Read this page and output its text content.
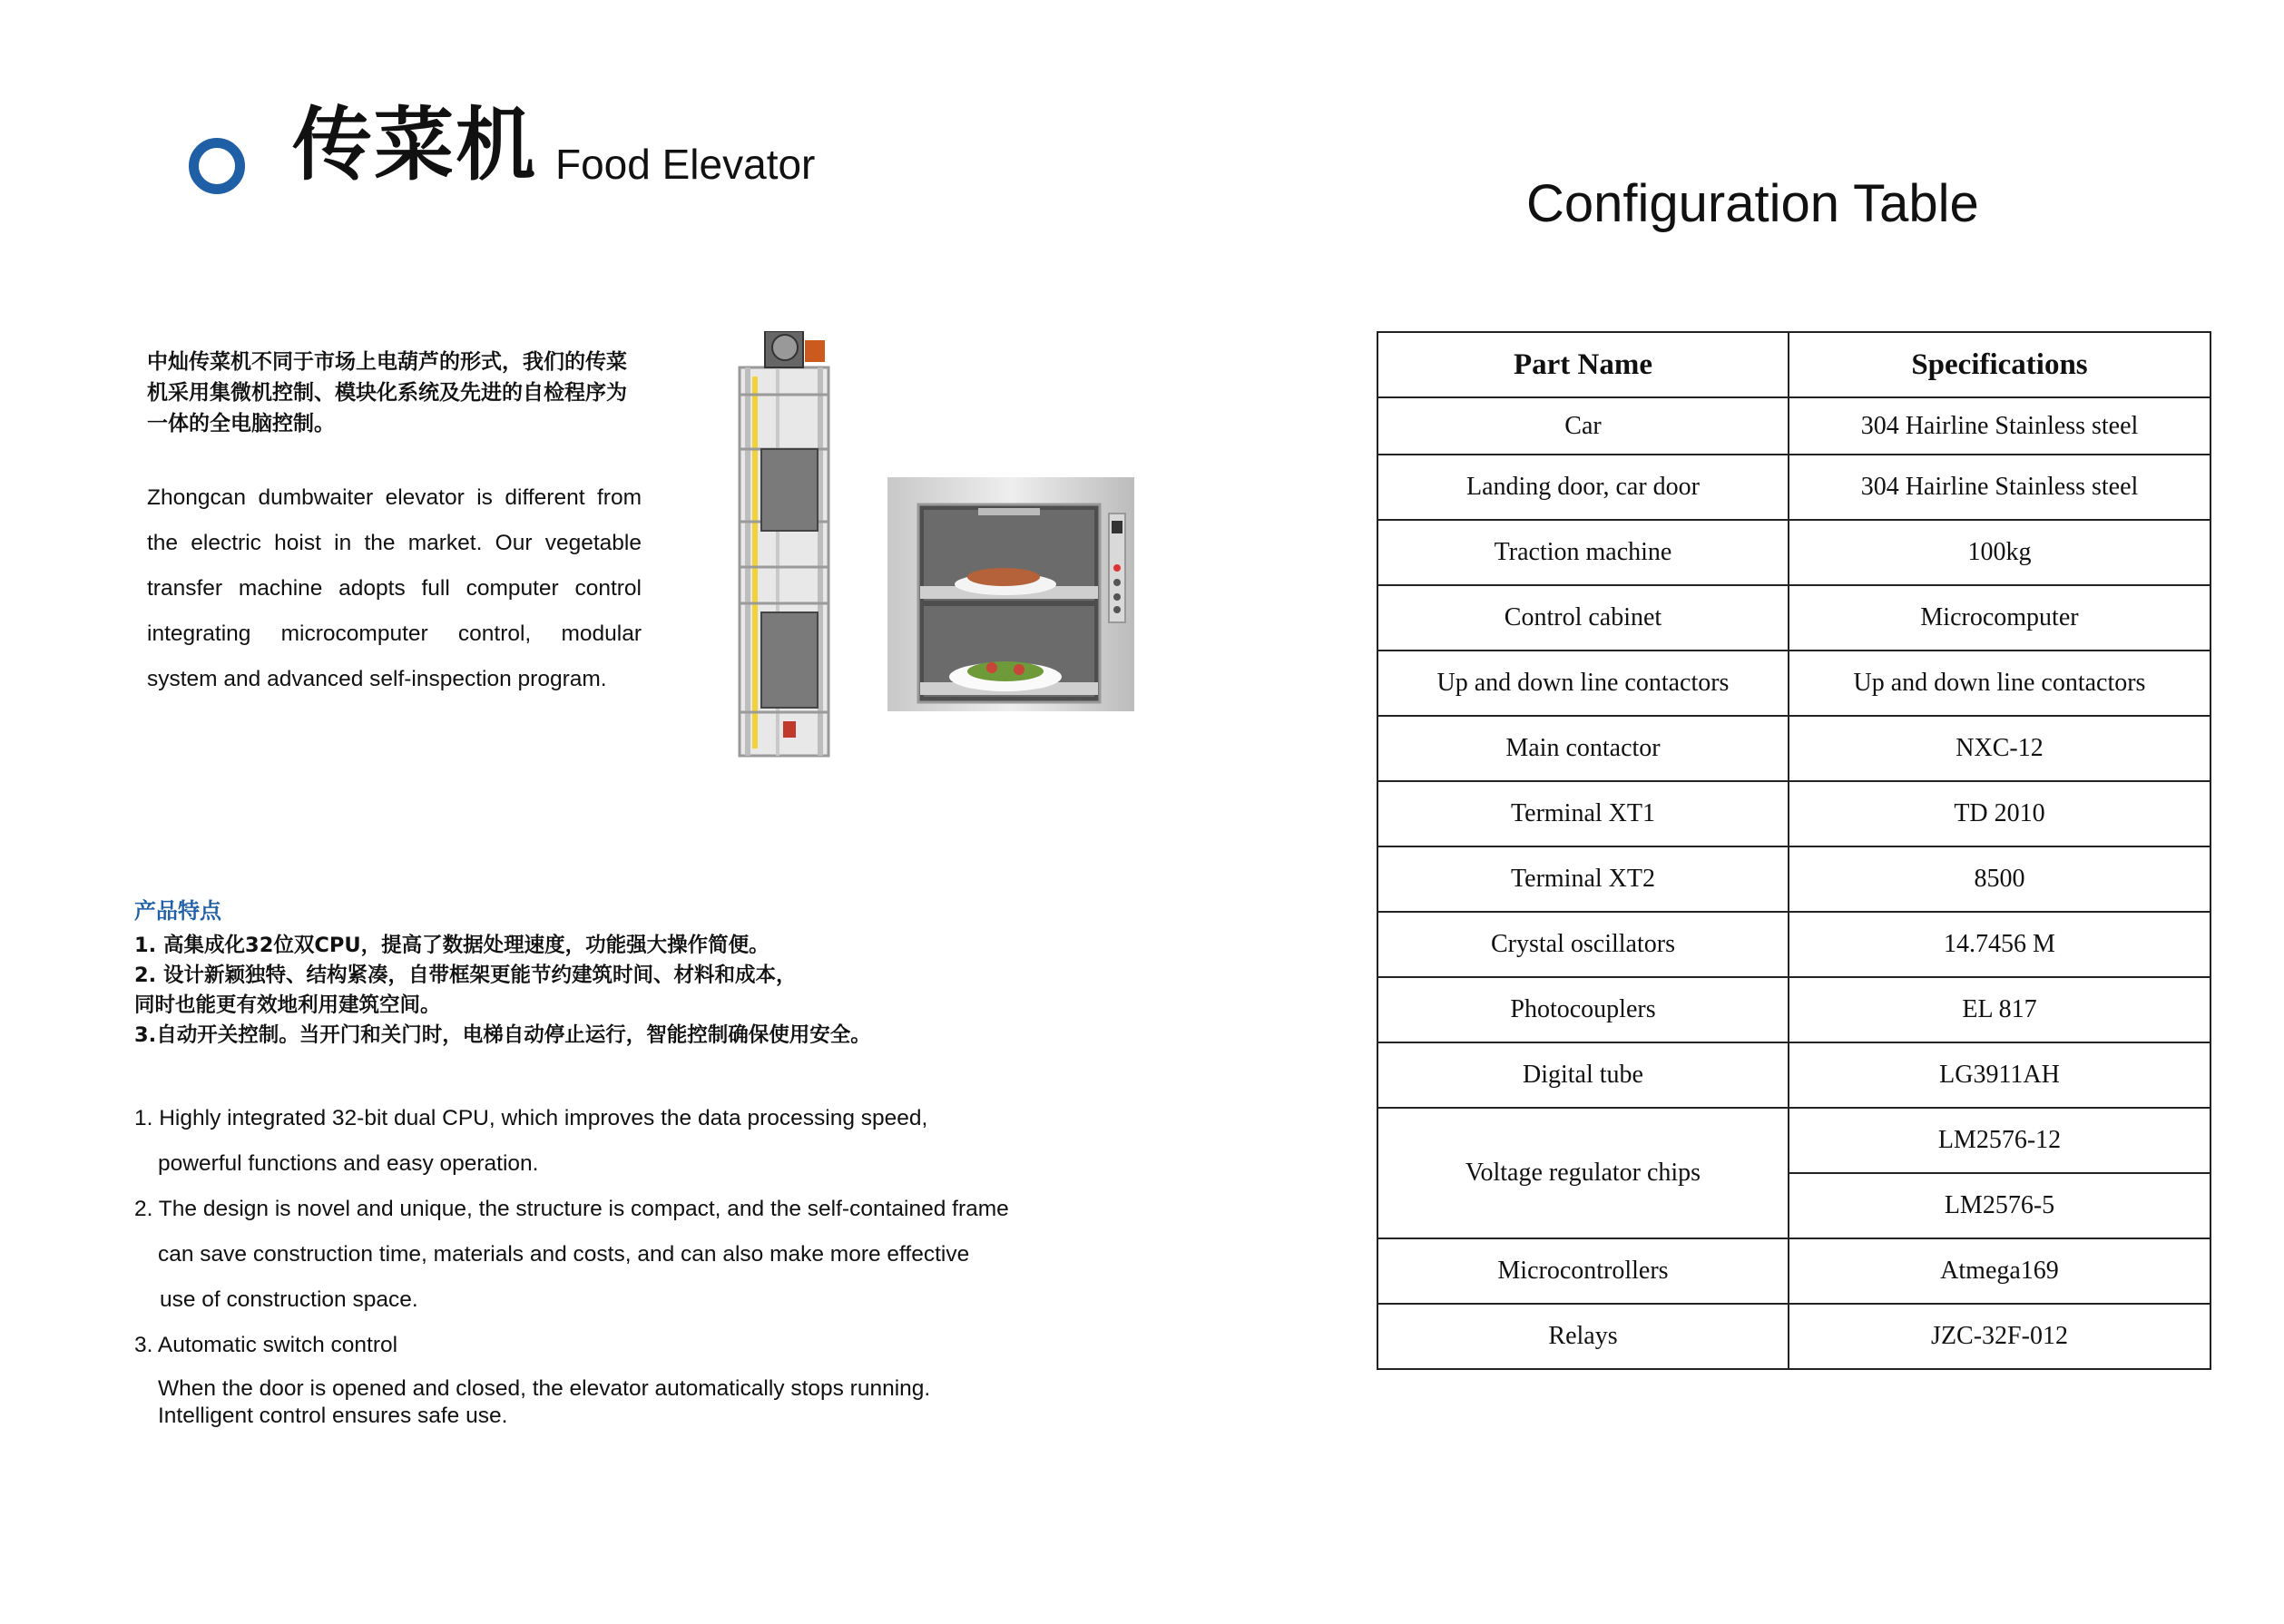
传菜机 Food Elevator
Configuration Table
中灿传菜机不同于市场上电葫芦的形式，我们的传菜机采用集微机控制、模块化系统及先进的自检程序为一体的全电脑控制。
Zhongcan dumbwaiter elevator is different from the electric hoist in the market. Our vegetable transfer machine adopts full computer control integrating microcomputer control, modular system and advanced self-inspection program.
产品特点
1. 高集成化32位双CPU，提高了数据处理速度，功能强大操作简便。
2. 设计新颖独特、结构紧凑，自带框架更能节约建筑时间、材料和成本，
同时也能更有效地利用建筑空间。
3.自动开关控制。当开门和关门时，电梯自动停止运行，智能控制确保使用安全。
1. Highly integrated 32-bit dual CPU, which improves the data processing speed,
powerful functions and easy operation.
2. The design is novel and unique, the structure is compact, and the self-contained frame
can save construction time, materials and costs, and can also make more effective
use of construction space.
3. Automatic switch control
When the door is opened and closed, the elevator automatically stops running.
Intelligent control ensures safe use.
Part Name	Specifications
Car	304 Hairline Stainless steel
Landing door, car door	304 Hairline Stainless steel
Traction machine	100kg
Control cabinet	Microcomputer
Up and down line contactors	Up and down line contactors
Main contactor	NXC-12
Terminal XT1	TD 2010
Terminal XT2	8500
Crystal oscillators	14.7456 M
Photocouplers	EL 817
Digital tube	LG3911AH
Voltage regulator chips	LM2576-12
	LM2576-5
Microcontrollers	Atmega169
Relays	JZC-32F-012
